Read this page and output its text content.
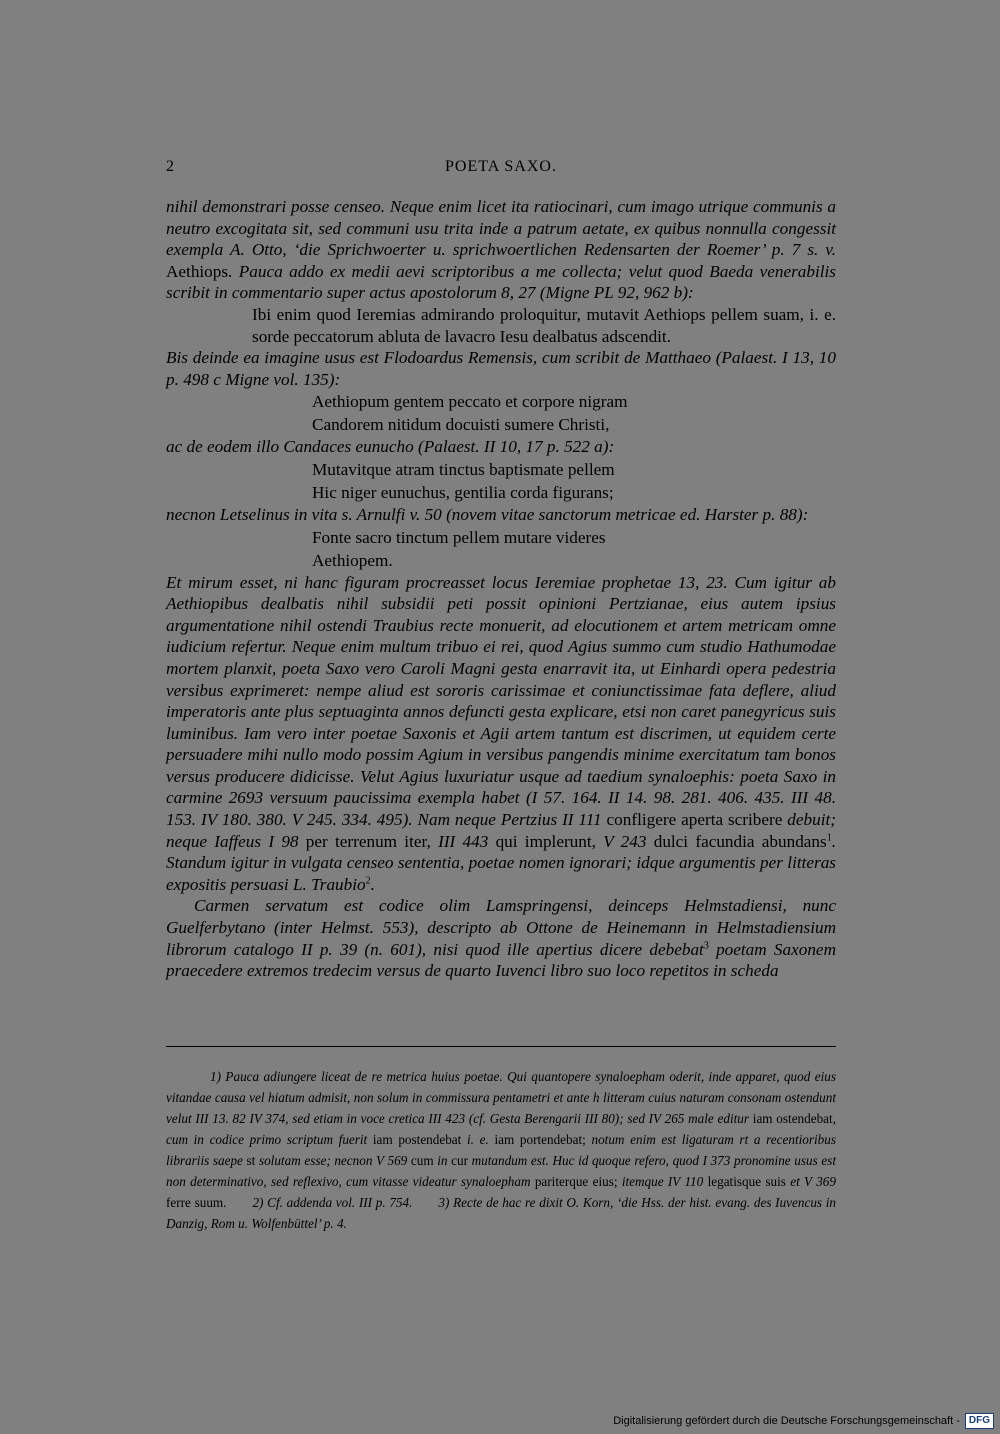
2	POETA SAXO.

nihil demonstrari posse censeo. Neque enim licet ita ratiocinari, cum imago utrique communis a neutro excogitata sit, sed communi usu trita inde a patrum aetate, ex quibus nonnulla congessit exempla A. Otto, ‘die Sprichwoerter u. sprichwoertlichen Redensarten der Roemer’ p. 7 s. v. Aethiops. Pauca addo ex medii aevi scriptoribus a me collecta; velut quod Baeda venerabilis scribit in commentario super actus apostolorum 8, 27 (Migne PL 92, 962 b):

Ibi enim quod Ieremias admirando proloquitur, mutavit Aethiops pellem suam, i. e. sorde peccatorum abluta de lavacro Iesu dealbatus adscendit.

Bis deinde ea imagine usus est Flodoardus Remensis, cum scribit de Matthaeo (Palaest. I 13, 10 p. 498 c Migne vol. 135):

Aethiopum gentem peccato et corpore nigram
Candorem nitidum docuisti sumere Christi,

ac de eodem illo Candaces eunucho (Palaest. II 10, 17 p. 522 a):

Mutavitque atram tinctus baptismate pellem
Hic niger eunuchus, gentilia corda figurans;

necnon Letselinus in vita s. Arnulfi v. 50 (novem vitae sanctorum metricae ed. Harster p. 88):

Fonte sacro tinctum pellem mutare videres
Aethiopem.

Et mirum esset, ni hanc figuram procreasset locus Ieremiae prophetae 13, 23. Cum igitur ab Aethiopibus dealbatis nihil subsidii peti possit opinioni Pertzianae, eius autem ipsius argumentatione nihil ostendi Traubius recte monuerit, ad elocutionem et artem metricam omne iudicium refertur. Neque enim multum tribuo ei rei, quod Agius summo cum studio Hathumodae mortem planxit, poeta Saxo vero Caroli Magni gesta enarravit ita, ut Einhardi opera pedestria versibus exprimeret: nempe aliud est sororis carissimae et coniunctissimae fata deflere, aliud imperatoris ante plus septuaginta annos defuncti gesta explicare, etsi non caret panegyricus suis luminibus. Iam vero inter poetae Saxonis et Agii artem tantum est discrimen, ut equidem certe persuadere mihi nullo modo possim Agium in versibus pangendis minime exercitatum tam bonos versus producere didicisse. Velut Agius luxuriatur usque ad taedium synaloephis: poeta Saxo in carmine 2693 versuum paucissima exempla habet (I 57. 164. II 14. 98. 281. 406. 435. III 48. 153. IV 180. 380. V 245. 334. 495). Nam neque Pertzius II 111 confligere aperta scribere debuit; neque Iaffeus I 98 per terrenum iter, III 443 qui implerunt, V 243 dulci facundia abundans$^1$. Standum igitur in vulgata censeo sententia, poetae nomen ignorari; idque argumentis per litteras expositis persuasi L. Traubio$^2$.

Carmen servatum est codice olim Lamspringensi, deinceps Helmstadiensi, nunc Guelferbytano (inter Helmst. 553), descripto ab Ottone de Heinemann in Helmstadiensium librorum catalogo II p. 39 (n. 601), nisi quod ille apertius dicere debebat$^3$ poetam Saxonem praecedere extremos tredecim versus de quarto Iuvenci libro suo loco repetitos in scheda

1) Pauca adiungere liceat de re metrica huius poetae. Qui quantopere synaloepham oderit, inde apparet, quod eius vitandae causa vel hiatum admisit, non solum in commissura pentametri et ante h litteram cuius naturam consonam ostendunt velut III 13. 82 IV 374, sed etiam in voce cretica III 423 (cf. Gesta Berengarii III 80); sed IV 265 male editur iam ostendebat, cum in codice primo scriptum fuerit iam postendebat i. e. iam portendebat; notum enim est ligaturam rt a recentioribus librariis saepe st solutam esse; necnon V 569 cum in cur mutandum est. Huc id quoque refero, quod I 373 pronomine usus est non determinativo, sed reflexivo, cum vitasse videatur synaloepham pariterque eius; itemque IV 110 legatisque suis et V 369 ferre suum. 2) Cf. addenda vol. III p. 754. 3) Recte de hac re dixit O. Korn, ‘die Hss. der hist. evang. des Iuvencus in Danzig, Rom u. Wolfenbüttel’ p. 4.

Digitalisierung gefördert durch die Deutsche Forschungsgemeinschaft - DFG
